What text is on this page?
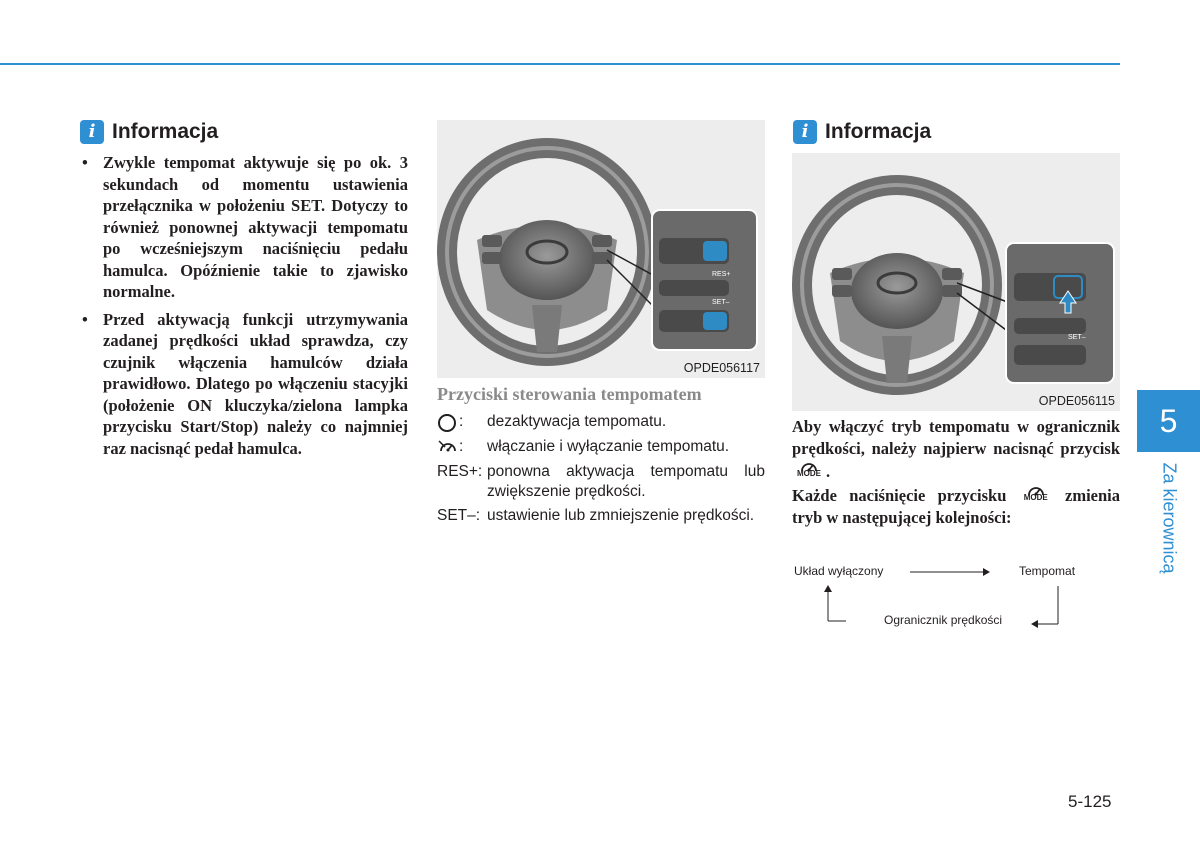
i Informacja
• Zwykle tempomat aktywuje się po ok. 3 sekundach od momentu ustawienia przełącznika w położeniu SET. Dotyczy to również ponownej aktywacji tempomatu po wcześniejszym naciśnięciu pedału hamulca. Opóźnienie takie to zjawisko normalne.
• Przed aktywacją funkcji utrzymywania zadanej prędkości układ sprawdza, czy czujnik włączenia hamulców działa prawidłowo. Dlatego po włączeniu stacyjki (położenie ON kluczyka/zielona lampka przycisku Start/Stop) należy co najmniej raz nacisnąć pedał hamulca.
RES+
SET–
OPDE056117
Przyciski sterowania tempomatem
: dezaktywacja tempomatu.
: włączanie i wyłączanie tempomatu.
RES+: ponowna aktywacja tempomatu lub zwiększenie prędkości.
SET–: ustawienie lub zmniejszenie prędkości.
i Informacja
SET–
OPDE056115

Aby włączyć tryb tempomatu w ogranicznik prędkości, należy najpierw nacisnąć przycisk
MODE .

Każde naciśnięcie przycisku	MODE	zmienia tryb w następującej kolejności:

Układ wyłączony	Tempomat
Ogranicznik prędkości
5
Za kierownicą
5-125
